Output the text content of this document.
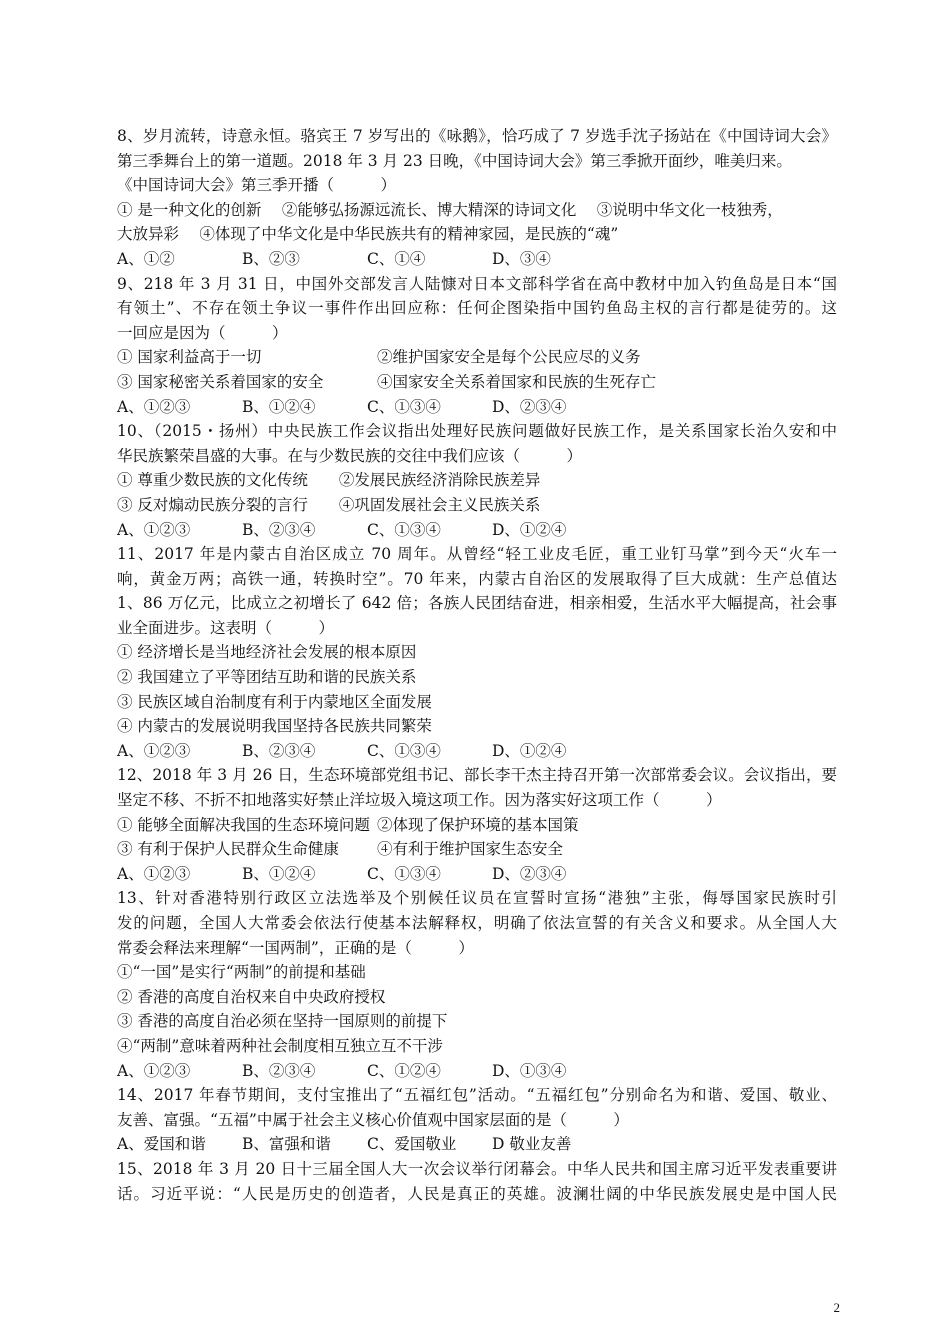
8、岁月流转，诗意永恒。骆宾王 7 岁写出的《咏鹅》，恰巧成了 7 岁选手沈子扬站在《中国诗词大会》
第三季舞台上的第一道题。2018 年 3 月 23 日晚，《中国诗词大会》第三季掀开面纱，唯美归来。
《中国诗词大会》第三季开播（　　　）
① 是一种文化的创新　 ②能够弘扬源远流长、博大精深的诗词文化　 ③说明中华文化一枝独秀，
大放异彩　 ④体现了中华文化是中华民族共有的精神家园，是民族的“魂”
A、①②	B、②③	C、①④	D、③④
9、218 年 3 月 31 日，中国外交部发言人陆慷对日本文部科学省在高中教材中加入钓鱼岛是日本“国
有领土”、不存在领土争议一事件作出回应称：任何企图染指中国钓鱼岛主权的言行都是徒劳的。这
一回应是因为（　　　）
① 国家利益高于一切	②维护国家安全是每个公民应尽的义务
③ 国家秘密关系着国家的安全	④国家安全关系着国家和民族的生死存亡
A、①②③	B、①②④	C、①③④	D、②③④
10、（2015・扬州）中央民族工作会议指出处理好民族问题做好民族工作，是关系国家长治久安和中
华民族繁荣昌盛的大事。在与少数民族的交往中我们应该（　　　）
① 尊重少数民族的文化传统　　②发展民族经济消除民族差异
③ 反对煽动民族分裂的言行　　④巩固发展社会主义民族关系
A、①②③	B、②③④	C、①③④	D、①②④
11、2017 年是内蒙古自治区成立 70 周年。从曾经“轻工业皮毛匠，重工业钉马掌”到今天“火车一
响，黄金万两；高铁一通，转换时空”。70 年来，内蒙古自治区的发展取得了巨大成就：生产总值达
1、86 万亿元，比成立之初增长了 642 倍；各族人民团结奋进，相亲相爱，生活水平大幅提高，社会事
业全面进步。这表明（　　　）
① 经济增长是当地经济社会发展的根本原因
② 我国建立了平等团结互助和谐的民族关系
③ 民族区域自治制度有利于内蒙地区全面发展
④ 内蒙古的发展说明我国坚持各民族共同繁荣
A、①②③	B、②③④	C、①③④	D、①②④
12、2018 年 3 月 26 日，生态环境部党组书记、部长李干杰主持召开第一次部常委会议。会议指出，要
坚定不移、不折不扣地落实好禁止洋垃圾入境这项工作。因为落实好这项工作（　　　）
① 能够全面解决我国的生态环境问题 ②体现了保护环境的基本国策
③ 有利于保护人民群众生命健康	④有利于维护国家生态安全
A、①②③	B、①②④	C、①③④	D、②③④
13、针对香港特别行政区立法选举及个别候任议员在宣誓时宣扬“港独”主张，侮辱国家民族时引
发的问题，全国人大常委会依法行使基本法解释权，明确了依法宣誓的有关含义和要求。从全国人大
常委会释法来理解“一国两制”，正确的是（　　　）
①“一国”是实行“两制”的前提和基础
② 香港的高度自治权来自中央政府授权
③ 香港的高度自治必须在坚持一国原则的前提下
④“两制”意味着两种社会制度相互独立互不干涉
A、①②③	B、②③④	C、①②④	D、①③④
14、2017 年春节期间，支付宝推出了“五福红包”活动。“五福红包”分别命名为和谐、爱国、敬业、
友善、富强。“五福”中属于社会主义核心价值观中国家层面的是（　　　）
A、爱国和谐	B、富强和谐	C、爱国敬业	D 敬业友善
15、2018 年 3 月 20 日十三届全国人大一次会议举行闭幕会。中华人民共和国主席习近平发表重要讲
话。习近平说：“人民是历史的创造者，人民是真正的英雄。波澜壮阔的中华民族发展史是中国人民
2
